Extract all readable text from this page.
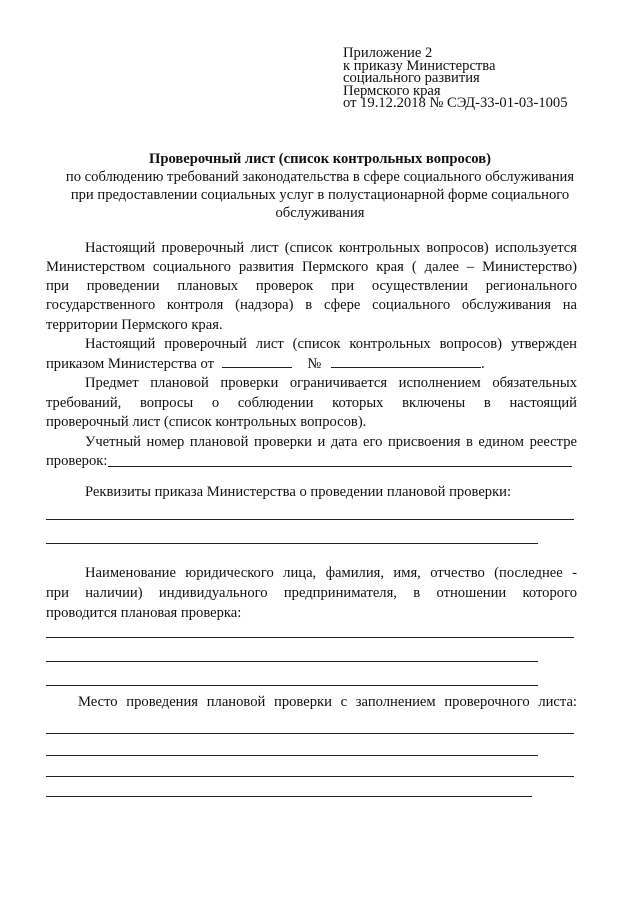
Приложение 2
к приказу Министерства
социального развития
Пермского края
от 19.12.2018 № СЭД-33-01-03-1005
Проверочный лист (список контрольных вопросов)
по соблюдению требований законодательства в сфере социального обслуживания
при предоставлении социальных услуг в полустационарной форме социального
обслуживания
Настоящий проверочный лист (список контрольных вопросов) используется
Министерством социального развития Пермского края ( далее – Министерство)
при проведении плановых проверок при осуществлении регионального
государственного контроля (надзора) в сфере социального обслуживания на
территории Пермского края.
Настоящий проверочный лист (список контрольных вопросов) утвержден
приказом Министерства от	№	.
Предмет плановой проверки ограничивается исполнением обязательных
требований, вопросы о соблюдении которых включены в настоящий
проверочный лист (список контрольных вопросов).
Учетный номер плановой проверки и дата его присвоения в едином реестре
проверок:
Реквизиты приказа Министерства о проведении плановой проверки:
Наименование юридического лица, фамилия, имя, отчество (последнее -
при наличии) индивидуального предпринимателя, в отношении которого
проводится плановая проверка:
Место проведения плановой проверки с заполнением проверочного листа:
